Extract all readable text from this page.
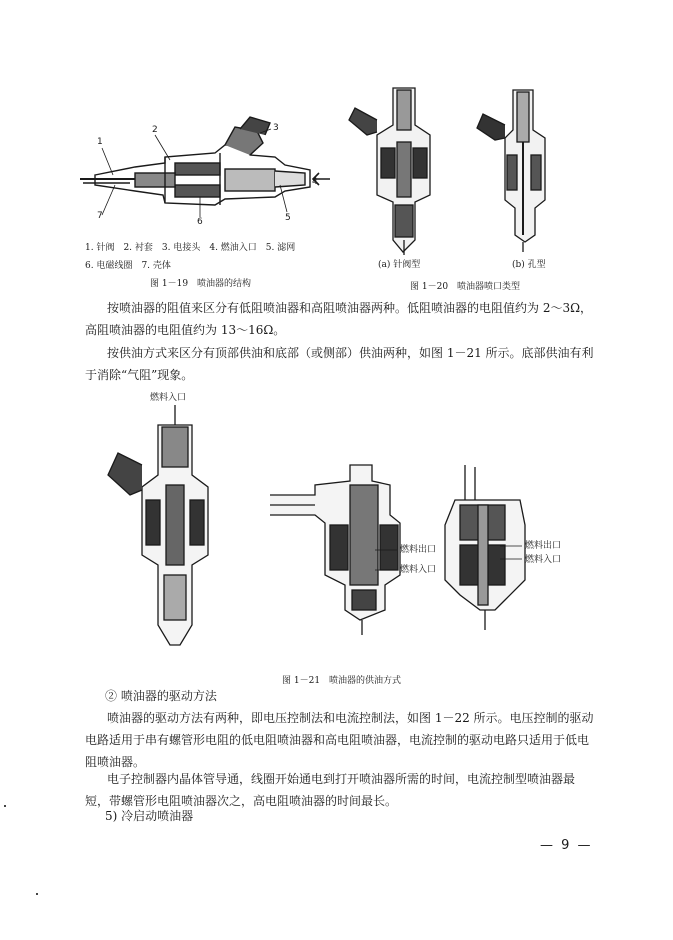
1
2	3
4
5
6
7
1. 针阀　2. 衬套　3. 电接头　4. 燃油入口　5. 滤网
6. 电磁线圈　7. 壳体
图 1－19　喷油器的结构
(a) 针阀型	(b) 孔型
图 1－20　喷油器喷口类型
按喷油器的阻值来区分有低阻喷油器和高阻喷油器两种。低阻喷油器的电阻值约为 2～3Ω，高阻喷油器的电阻值约为 13～16Ω。
按供油方式来区分有顶部供油和底部（或侧部）供油两种，如图 1－21 所示。底部供油有利于消除“气阻”现象。
燃料入口
燃料出口
燃料入口
燃料出口
燃料入口
图 1－21　喷油器的供油方式
② 喷油器的驱动方法
喷油器的驱动方法有两种，即电压控制法和电流控制法，如图 1－22 所示。电压控制的驱动电路适用于串有螺管形电阻的低电阻喷油器和高电阻喷油器，电流控制的驱动电路只适用于低电阻喷油器。
电子控制器内晶体管导通，线圈开始通电到打开喷油器所需的时间，电流控制型喷油器最短，带螺管形电阻喷油器次之，高电阻喷油器的时间最长。
5) 冷启动喷油器
— 9 —
